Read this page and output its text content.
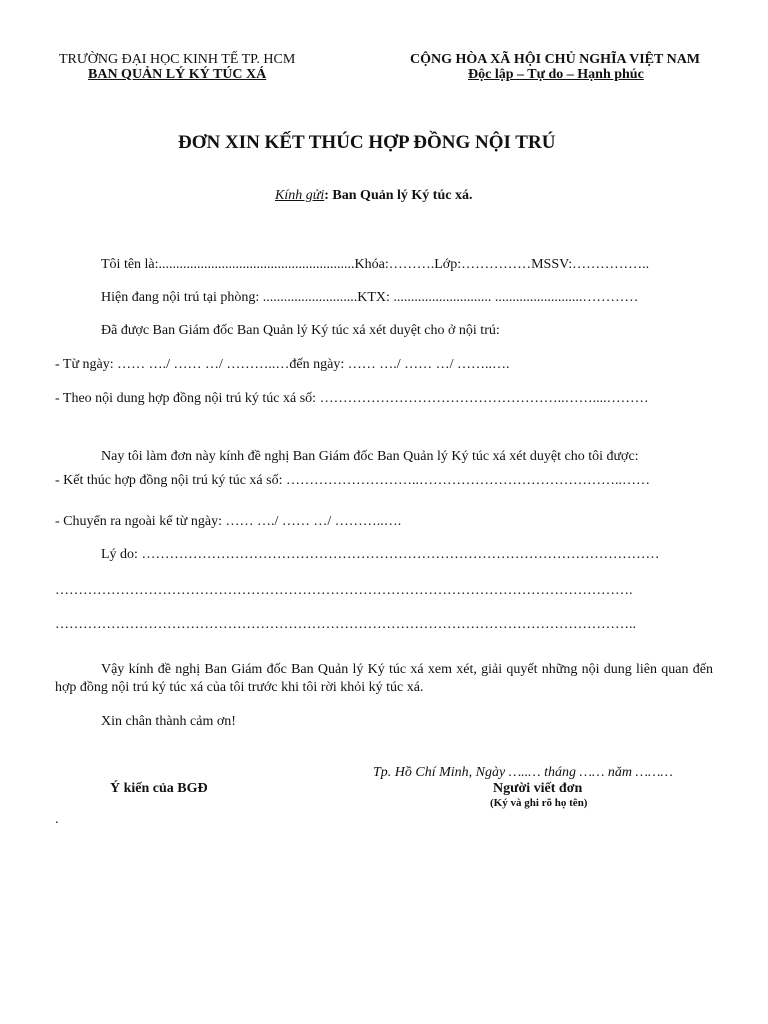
TRƯỜNG ĐẠI HỌC KINH TẾ TP. HCM
BAN QUẢN LÝ KÝ TÚC XÁ
CỘNG HÒA XÃ HỘI CHỦ NGHĨA VIỆT NAM
Độc lập – Tự do – Hạnh phúc
ĐƠN XIN KẾT THÚC HỢP ĐỒNG NỘI TRÚ
Kính gửi: Ban Quản lý Ký túc xá.
Tôi tên là:........................................................Khóa:……….Lớp:……………MSSV:……………..
Hiện đang nội trú tại phòng: ...........................KTX: ............................ .........................…………
Đã được Ban Giám đốc Ban Quản lý Ký túc xá xét duyệt cho ở nội trú:
- Từ ngày: …… …./ …… …/ ………..…đến ngày: …… …./ …… …/ ……..….
- Theo nội dung hợp đồng nội trú ký túc xá số: ……………………………………………..……....………
Nay tôi làm đơn này kính đề nghị Ban Giám đốc Ban Quản lý Ký túc xá xét duyệt cho tôi được:
- Kết thúc hợp đồng nội trú ký túc xá số: ………………………..……………………………………..……
- Chuyển ra ngoài kể từ ngày: …… …./ …… …/ ………..….
Lý do: …………………………………………………………………………………………………
…………………………………………………………………………………………………………….
……………………………………………………………………………………………………………..
Vậy kính đề nghị Ban Giám đốc Ban Quản lý Ký túc xá xem xét, giải quyết những nội dung liên quan đến hợp đồng nội trú ký túc xá của tôi trước khi tôi rời khỏi ký túc xá.
Xin chân thành cảm ơn!
Tp. Hồ Chí Minh, Ngày …..… tháng …… năm ………
Ý kiến của BGĐ	Người viết đơn
(Ký và ghi rõ họ tên)
.
